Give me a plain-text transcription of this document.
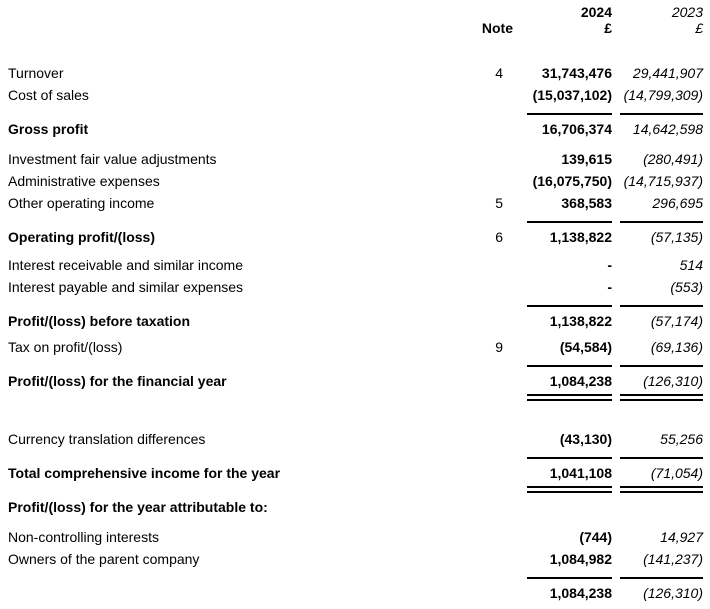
2024	2023
Note	£	£
Turnover	4	31,743,476	29,441,907
Cost of sales	(15,037,102) (14,799,309)
Gross profit	16,706,374	14,642,598
Investment fair value adjustments	139,615	(280,491)
Administrative expenses	(16,075,750) (14,715,937)
Other operating income	5	368,583	296,695
Operating profit/(loss)	6	1,138,822	(57,135)
Interest receivable and similar income	-	514
Interest payable and similar expenses	-	(553)
Profit/(loss) before taxation	1,138,822	(57,174)
Tax on profit/(loss)	9	(54,584)	(69,136)
Profit/(loss) for the financial year	1,084,238	(126,310)
Currency translation differences	(43,130)	55,256
Total comprehensive income for the year	1,041,108	(71,054)
Profit/(loss) for the year attributable to:
Non-controlling interests	(744)	14,927
Owners of the parent company	1,084,982	(141,237)
1,084,238	(126,310)
